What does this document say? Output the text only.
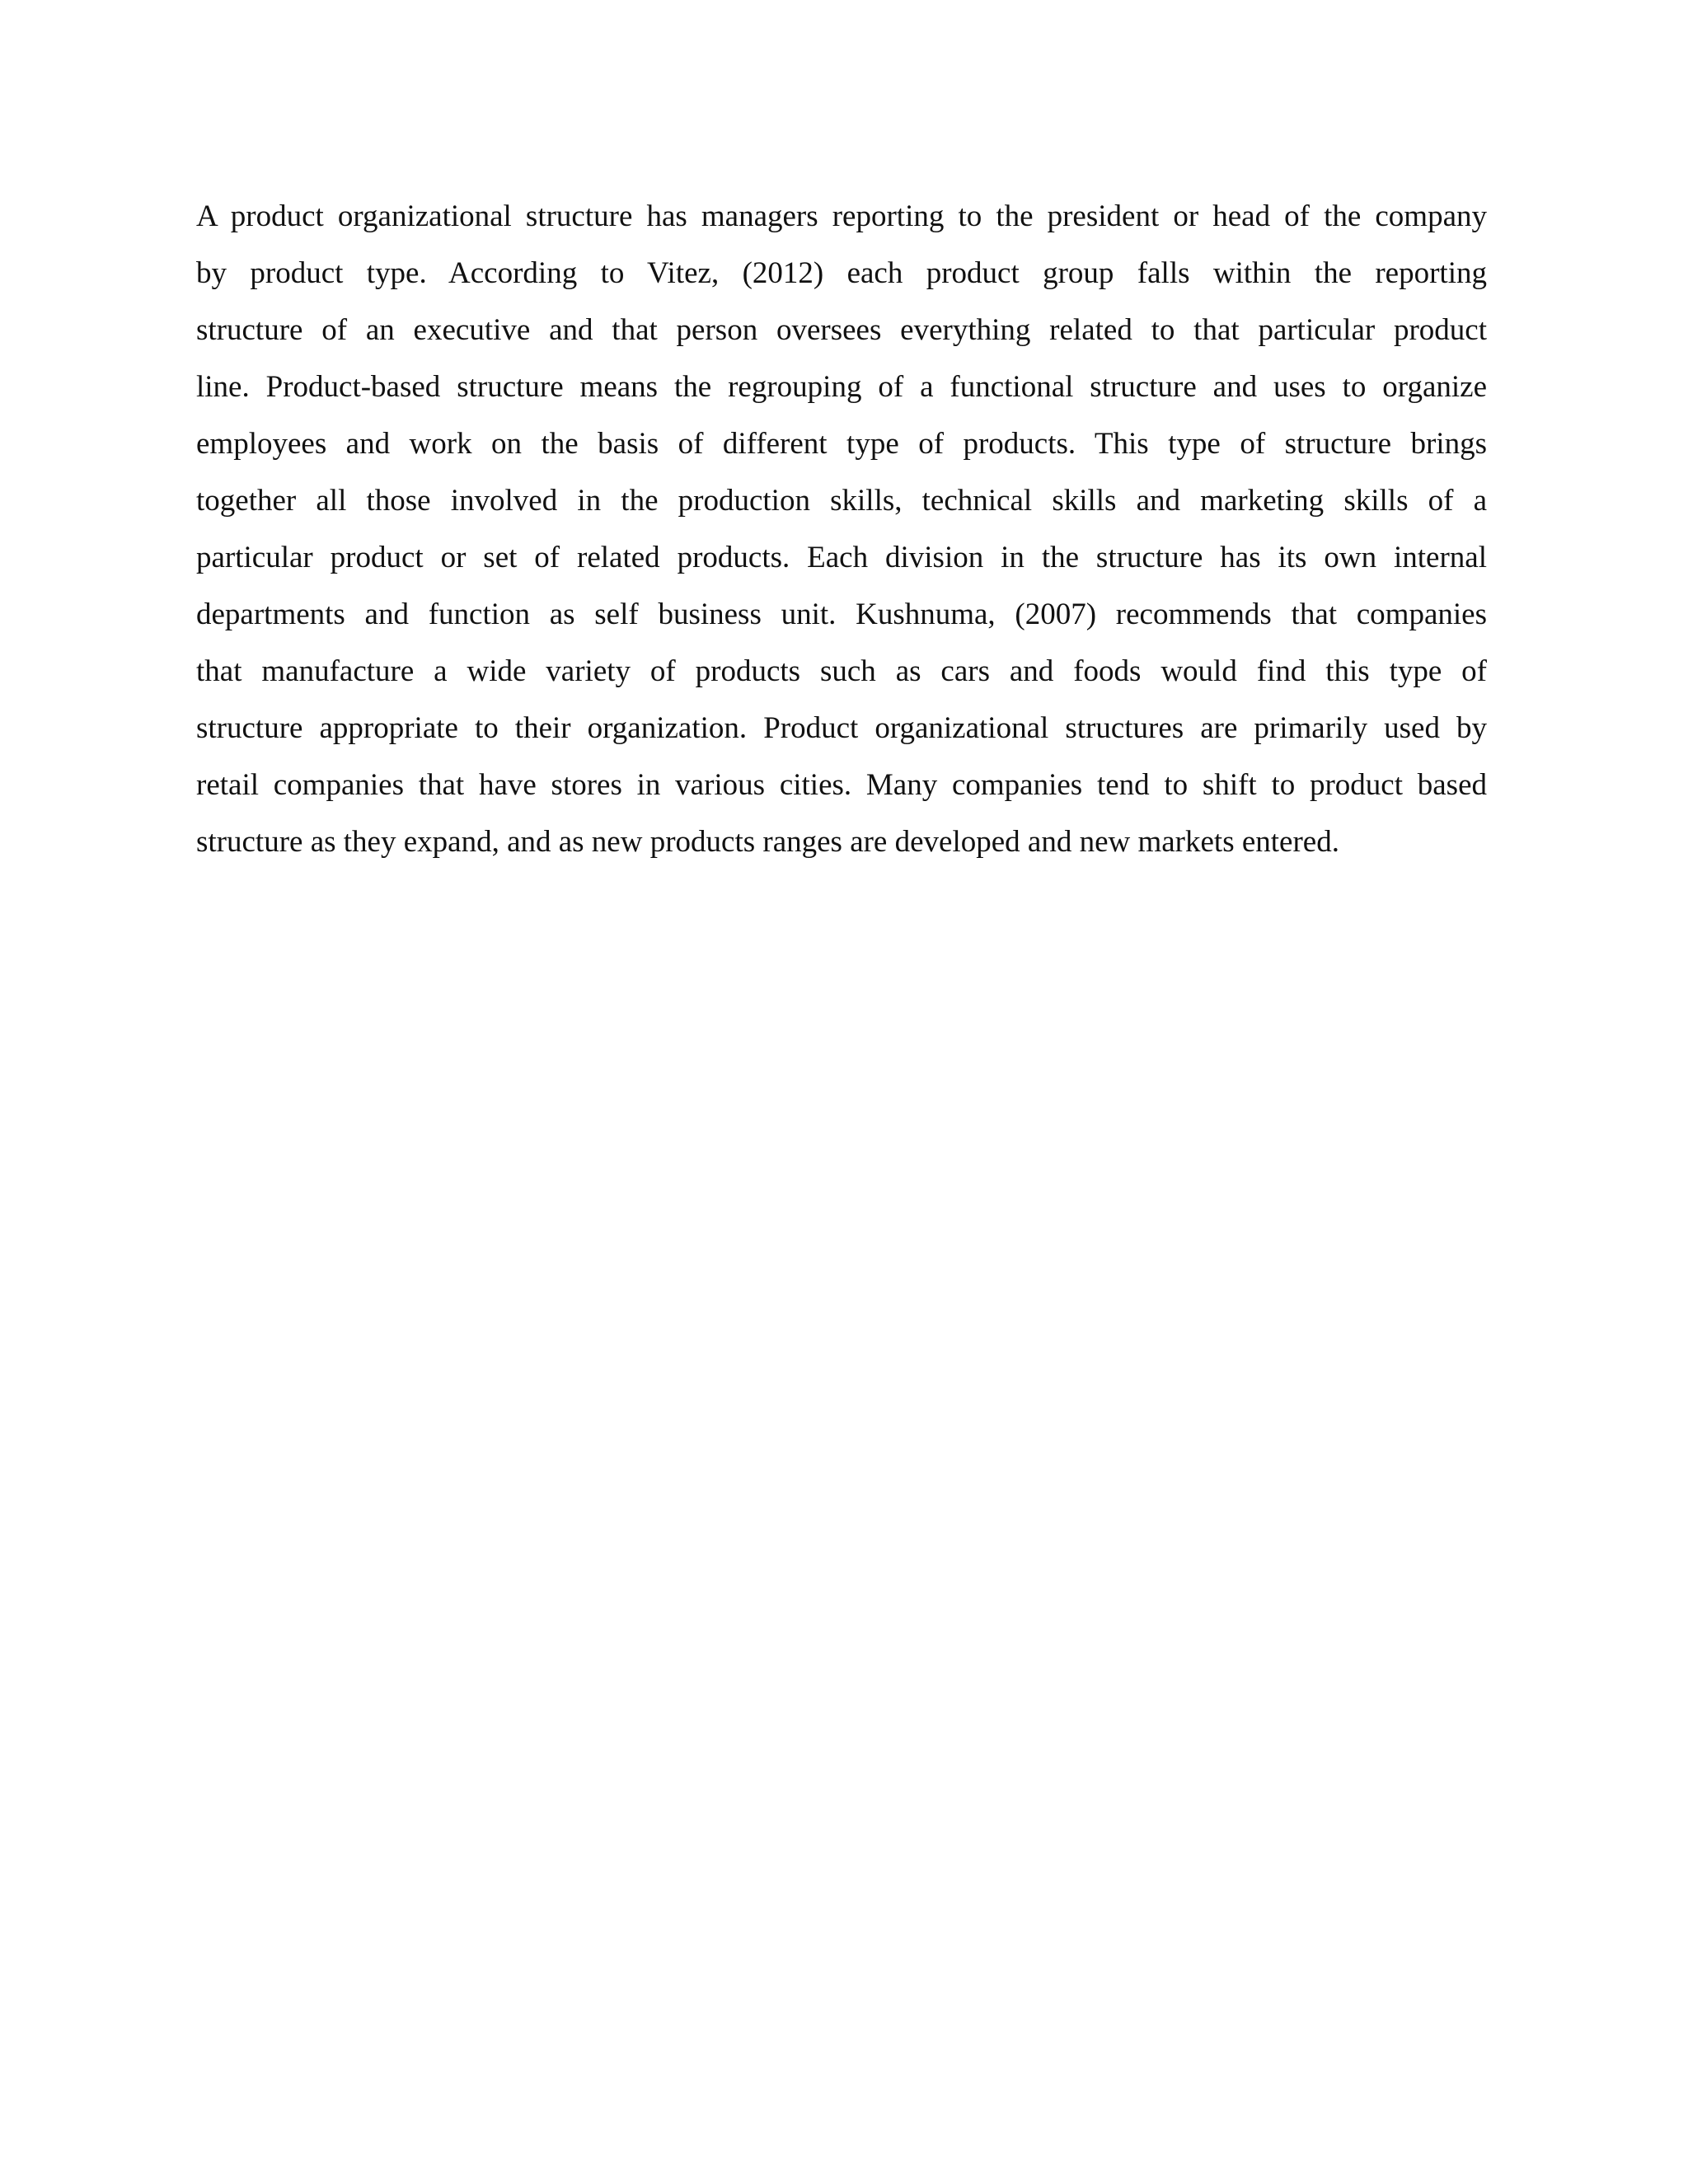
A product organizational structure has managers reporting to the president or head of the company
by product type. According to Vitez, (2012) each product group falls within the reporting
structure of an executive and that person oversees everything related to that particular product
line. Product-based structure means the regrouping of a functional structure and uses to organize
employees and work on the basis of different type of products. This type of structure brings
together all those involved in the production skills, technical skills and marketing skills of a
particular product or set of related products. Each division in the structure has its own internal
departments and function as self business unit. Kushnuma, (2007) recommends that companies
that manufacture a wide variety of products such as cars and foods would find this type of
structure appropriate to their organization. Product organizational structures are primarily used by
retail companies that have stores in various cities. Many companies tend to shift to product based
structure as they expand, and as new products ranges are developed and new markets entered.
